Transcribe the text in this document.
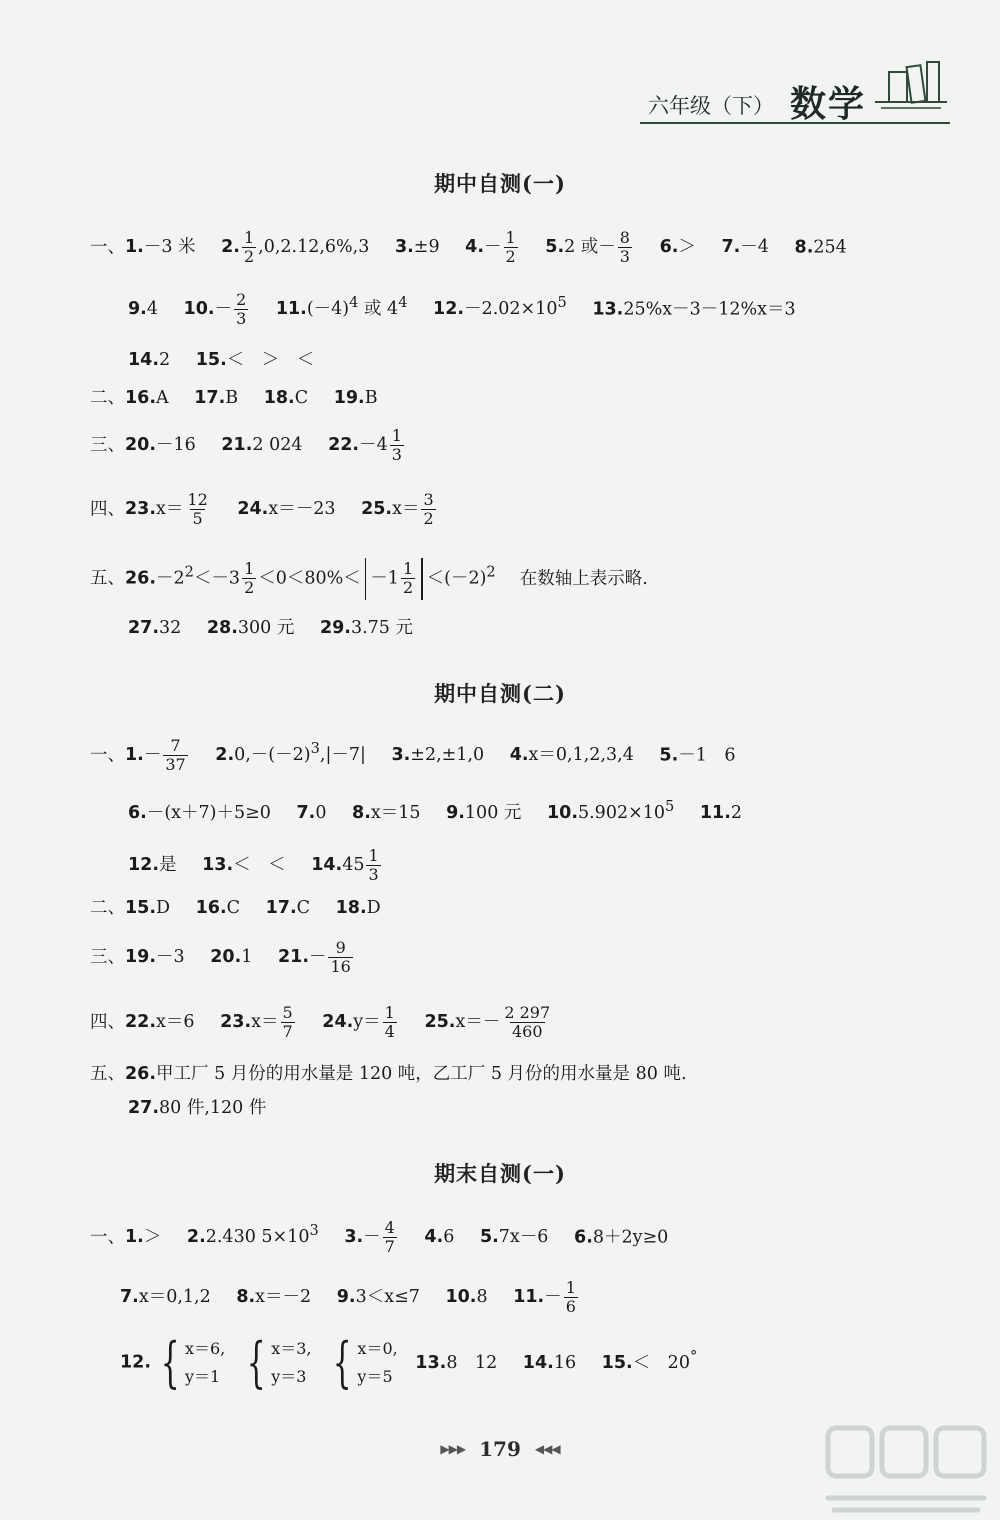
六年级（下） 数学
期中自测(一)
一、1.－3 米 2. $\frac{1}{2} ,0,2.12,6\%,3$ 3.±9 $4.- \frac{1}{2} 5.2$ 或－ $\frac{8}{3} 6.> 7.-4$ 8.254
9.4 $10.- \frac{2}{3} 11.(-4)^4$ 或 $4^4$ $12.-2.02\times 10^5$ 13.25%x－3－12%x＝3
14.2 15.＜　＞　＜
二、16.A 17.B 18.C 19.B
三、20.－16 21.2 024 $22.-4 \frac{1}{3}$
四、$23.x= \frac{12}{5} 24.x=-23$ $25.x= \frac{3}{2}$
五、$26.-2^2<-3 \frac{1}{2} <0<80\%< -1 \frac{1}{2} <(-2)^2$ 在数轴上表示略.
27.32 28.300 元 29.3.75 元
期中自测(二)
一、$1.- \frac{7}{37} 2.0,-(-2)^3,|-7|$ 3.±2,±1,0 4.x＝0,1,2,3,4 5.－1　6
6.－(x＋7)＋5≥0 7.0 8.x＝15 9.100 元 $10.5.902\times 10^5$ 11.2
12.是 13.＜　＜ $14.45 \frac{1}{3}$
二、15.D 16.C 17.C 18.D
三、19.－3 20.1 $21.- \frac{9}{16}$
四、22.x＝6 $23.x= \frac{5}{7} 24.y= \frac{1}{4} 25.x=- \frac{2 297}{460}$
五、26.甲工厂 5 月份的用水量是 120 吨，乙工厂 5 月份的用水量是 80 吨.
27.80 件,120 件
期末自测(一)
一、1.＞ 2.2.430 $5\times 10^3$ $3.- \frac{4}{7} 4.6$ 5.7x－6 6.8＋2y≥0
7.x＝0,1,2 8.x＝－2 9.3＜x≤7 10.8 $11.- \frac{1}{6}$
12. { x＝6,
y＝1
{ x＝3,
y＝3
{ x＝0,
y＝5
13.8　12 14.16 15.＜　20°
▶▶▶ 179 ◀◀◀
